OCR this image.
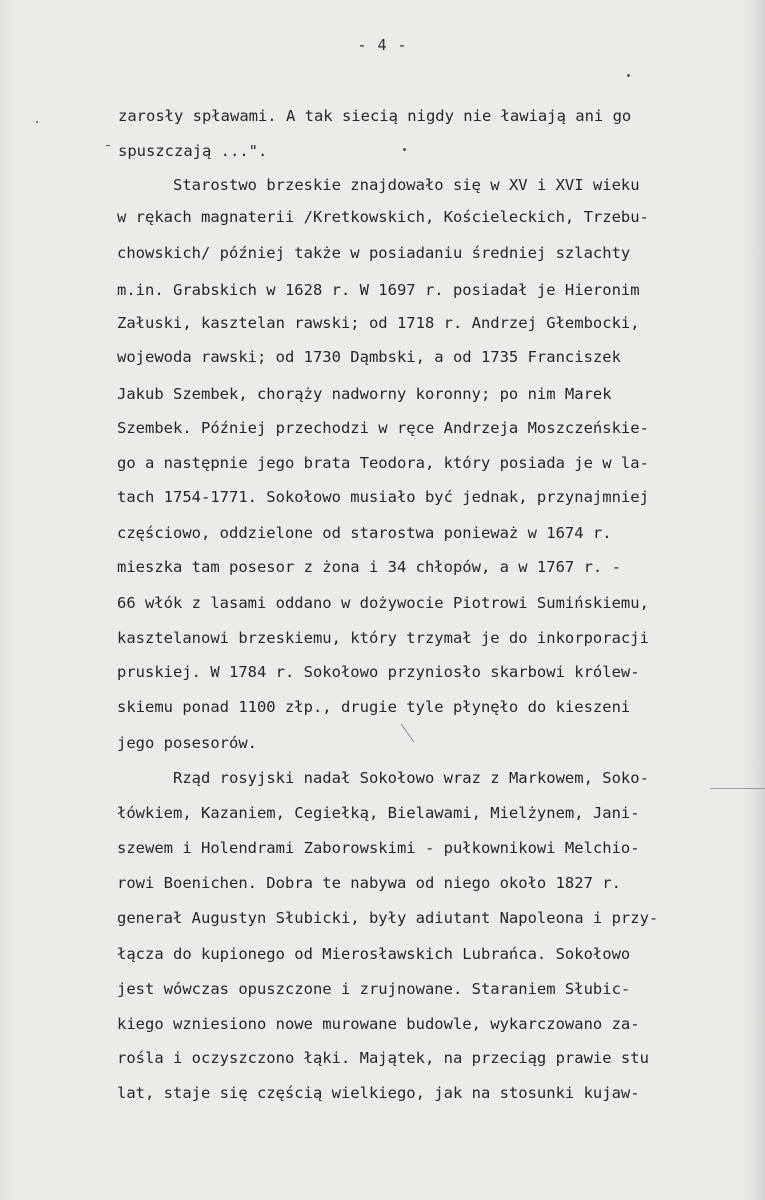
- 4 -
zarosły spławami. A tak siecią nigdy nie ławiają ani go
spuszczają ...".
Starostwo brzeskie znajdowało się w XV i XVI wieku
w rękach magnaterii /Kretkowskich, Kościeleckich, Trzebu-
chowskich/ później także w posiadaniu średniej szlachty
m.in. Grabskich w 1628 r. W 1697 r. posiadał je Hieronim
Załuski, kasztelan rawski; od 1718 r. Andrzej Głembocki,
wojewoda rawski; od 1730 Dąmbski, a od 1735 Franciszek
Jakub Szembek, chorąży nadworny koronny; po nim Marek
Szembek. Później przechodzi w ręce Andrzeja Moszczeńskie-
go a następnie jego brata Teodora, który posiada je w la-
tach 1754-1771. Sokołowo musiało być jednak, przynajmniej
częściowo, oddzielone od starostwa ponieważ w 1674 r.
mieszka tam posesor z żona i 34 chłopów, a w 1767 r. -
66 włók z lasami oddano w dożywocie Piotrowi Sumińskiemu,
kasztelanowi brzeskiemu, który trzymał je do inkorporacji
pruskiej. W 1784 r. Sokołowo przyniosło skarbowi królew-
skiemu ponad 1100 złp., drugie tyle płynęło do kieszeni
jego posesorów.
Rząd rosyjski nadał Sokołowo wraz z Markowem, Soko-
łówkiem, Kazaniem, Cegiełką, Bielawami, Mielżynem, Jani-
szewem i Holendrami Zaborowskimi - pułkownikowi Melchio-
rowi Boenichen. Dobra te nabywa od niego około 1827 r.
generał Augustyn Słubicki, były adiutant Napoleona i przy-
łącza do kupionego od Mierosławskich Lubrańca. Sokołowo
jest wówczas opuszczone i zrujnowane. Staraniem Słubic-
kiego wzniesiono nowe murowane budowle, wykarczowano za-
rośla i oczyszczono łąki. Majątek, na przeciąg prawie stu
lat, staje się częścią wielkiego, jak na stosunki kujaw-
